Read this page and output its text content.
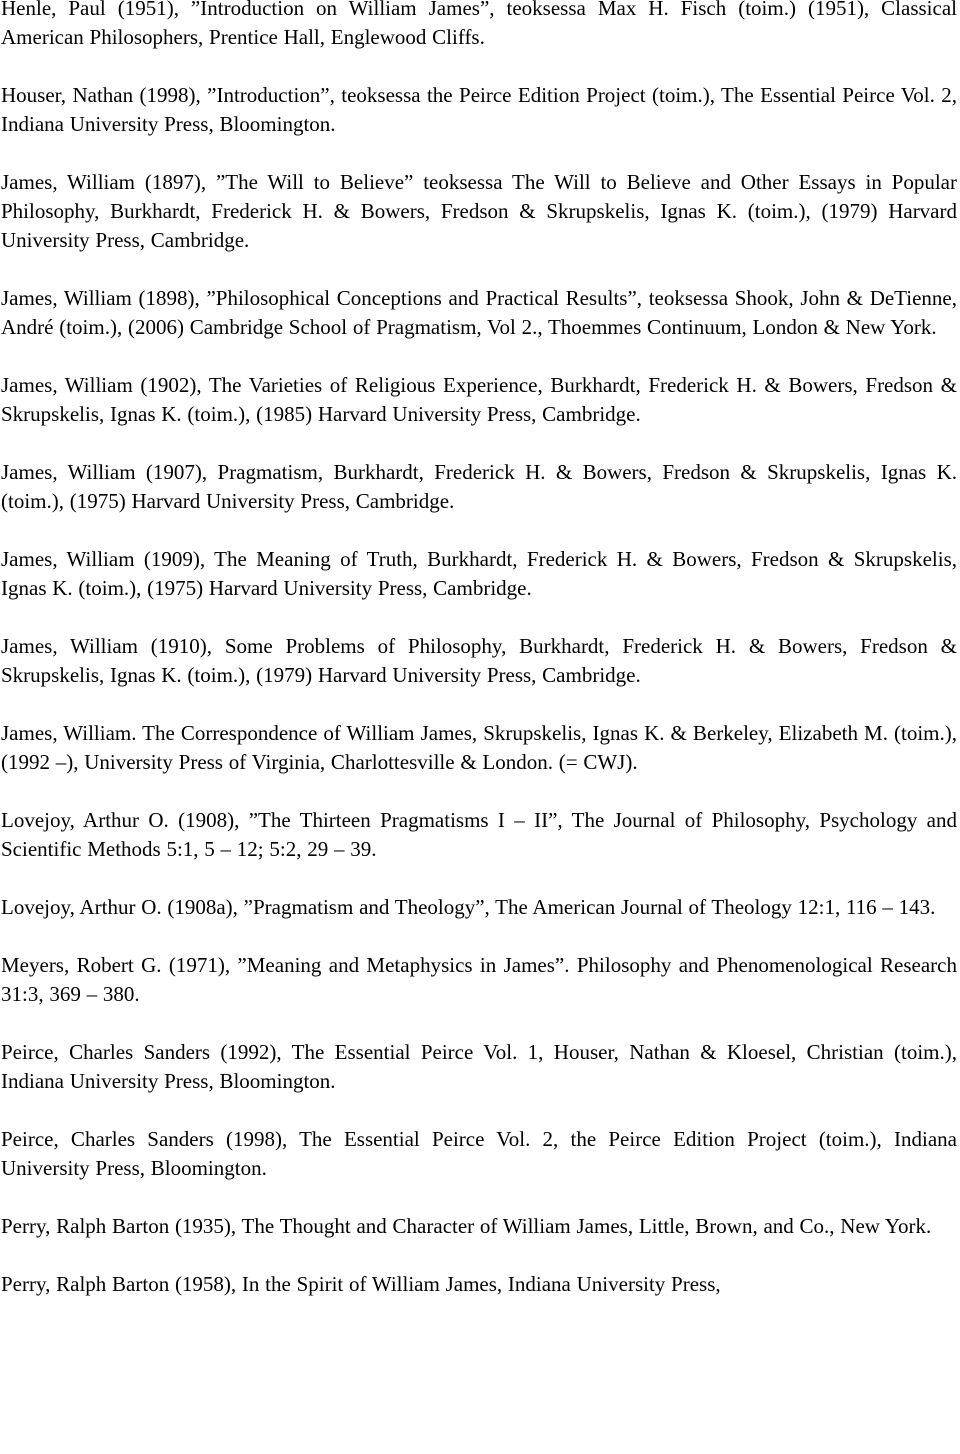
Henle, Paul (1951), ”Introduction on William James”, teoksessa Max H. Fisch (toim.) (1951), Classical American Philosophers, Prentice Hall, Englewood Cliffs.
Houser, Nathan (1998), ”Introduction”, teoksessa the Peirce Edition Project (toim.), The Essential Peirce Vol. 2, Indiana University Press, Bloomington.
James, William (1897), ”The Will to Believe” teoksessa The Will to Believe and Other Essays in Popular Philosophy, Burkhardt, Frederick H. & Bowers, Fredson & Skrupskelis, Ignas K. (toim.), (1979) Harvard University Press, Cambridge.
James, William (1898), ”Philosophical Conceptions and Practical Results”, teoksessa Shook, John & DeTienne, André (toim.), (2006) Cambridge School of Pragmatism, Vol 2., Thoemmes Continuum, London & New York.
James, William (1902), The Varieties of Religious Experience, Burkhardt, Frederick H. & Bowers, Fredson & Skrupskelis, Ignas K. (toim.), (1985) Harvard University Press, Cambridge.
James, William (1907), Pragmatism, Burkhardt, Frederick H. & Bowers, Fredson & Skrupskelis, Ignas K. (toim.), (1975) Harvard University Press, Cambridge.
James, William (1909), The Meaning of Truth, Burkhardt, Frederick H. & Bowers, Fredson & Skrupskelis, Ignas K. (toim.), (1975) Harvard University Press, Cambridge.
James, William (1910), Some Problems of Philosophy, Burkhardt, Frederick H. & Bowers, Fredson & Skrupskelis, Ignas K. (toim.), (1979) Harvard University Press, Cambridge.
James, William. The Correspondence of William James, Skrupskelis, Ignas K. & Berkeley, Elizabeth M. (toim.), (1992 –), University Press of Virginia, Charlottesville & London. (= CWJ).
Lovejoy, Arthur O. (1908), ”The Thirteen Pragmatisms I – II”, The Journal of Philosophy, Psychology and Scientific Methods 5:1, 5 – 12; 5:2, 29 – 39.
Lovejoy, Arthur O. (1908a), ”Pragmatism and Theology”, The American Journal of Theology 12:1, 116 – 143.
Meyers, Robert G. (1971), ”Meaning and Metaphysics in James”. Philosophy and Phenomenological Research 31:3, 369 – 380.
Peirce, Charles Sanders (1992), The Essential Peirce Vol. 1, Houser, Nathan & Kloesel, Christian (toim.), Indiana University Press, Bloomington.
Peirce, Charles Sanders (1998), The Essential Peirce Vol. 2, the Peirce Edition Project (toim.), Indiana University Press, Bloomington.
Perry, Ralph Barton (1935), The Thought and Character of William James, Little, Brown, and Co., New York.
Perry, Ralph Barton (1958), In the Spirit of William James, Indiana University Press,
